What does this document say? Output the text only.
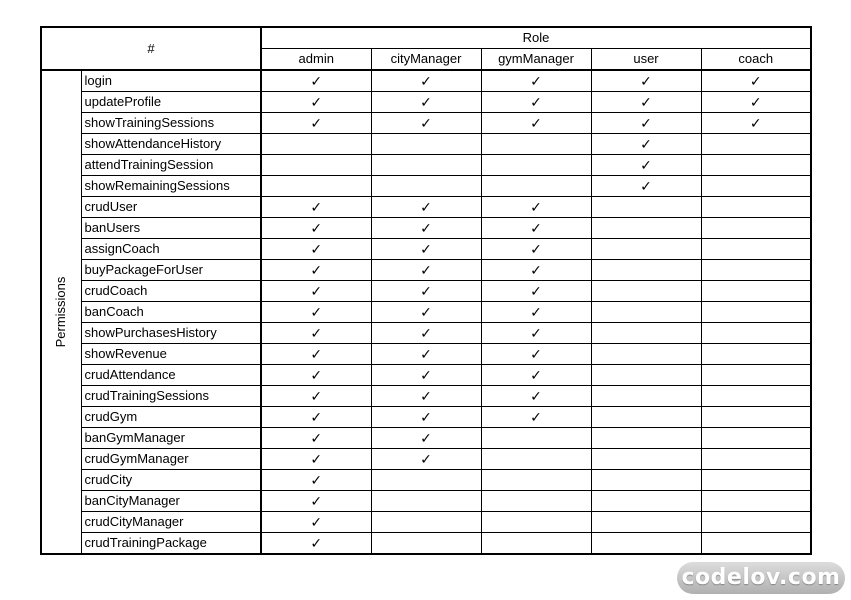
#		Role				
		admin	cityManager	gymManager	user	coach

Permissions	login	✓	✓	✓	✓	✓
	updateProfile	✓	✓	✓	✓	✓
	showTrainingSessions	✓	✓	✓	✓	✓
	showAttendanceHistory				✓	
	attendTrainingSession				✓	
	showRemainingSessions				✓	
	crudUser	✓	✓	✓		
	banUsers	✓	✓	✓		
	assignCoach	✓	✓	✓		
	buyPackageForUser	✓	✓	✓		
	crudCoach	✓	✓	✓		
	banCoach	✓	✓	✓		
	showPurchasesHistory	✓	✓	✓		
	showRevenue	✓	✓	✓		
	crudAttendance	✓	✓	✓		
	crudTrainingSessions	✓	✓	✓		
	crudGym	✓	✓	✓		
	banGymManager	✓	✓			
	crudGymManager	✓	✓			
	crudCity	✓				
	banCityManager	✓				
	crudCityManager	✓				
	crudTrainingPackage	✓				
codelov.com
